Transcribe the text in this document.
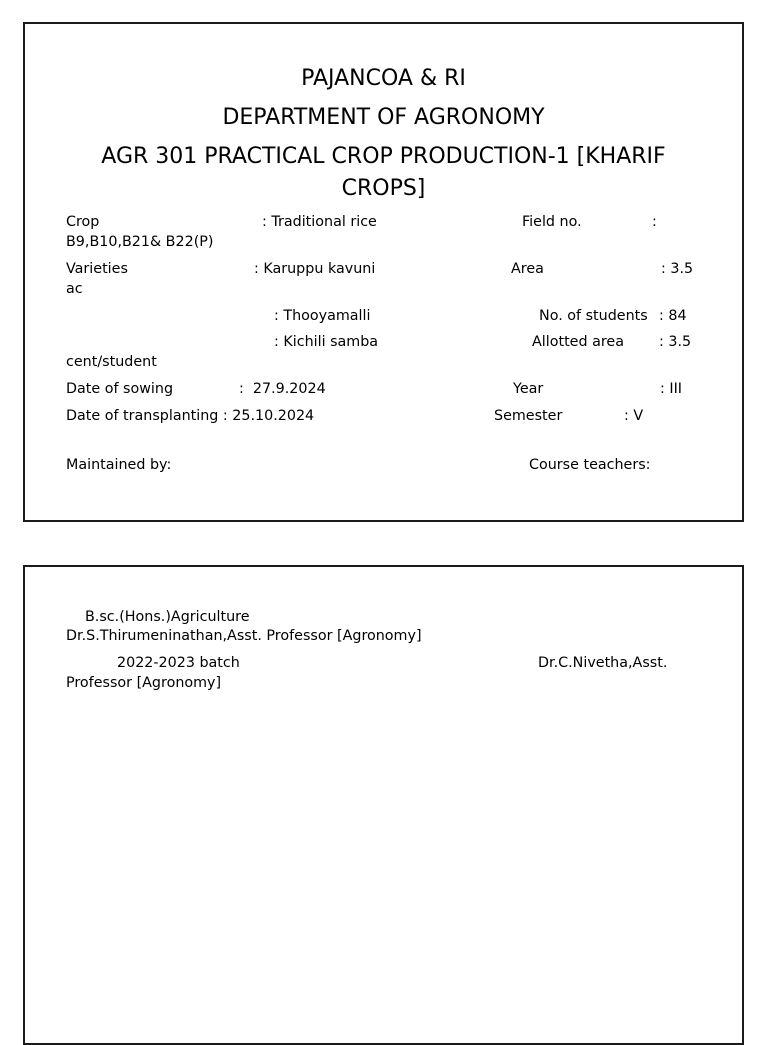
PAJANCOA & RI
DEPARTMENT OF AGRONOMY
AGR 301 PRACTICAL CROP PRODUCTION-1 [KHARIF
CROPS]
Crop	: Traditional rice	Field no.	:
B9,B10,B21& B22(P)
Varieties	: Karuppu kavuni	Area	: 3.5
ac
: Thooyamalli	No. of students : 84
: Kichili samba	Allotted area : 3.5
cent/student
Date of sowing	:  27.9.2024	Year	: III
Date of transplanting : 25.10.2024	Semester	: V
Maintained by:	Course teachers:
B.sc.(Hons.)Agriculture
Dr.S.Thirumeninathan,Asst. Professor [Agronomy]
2022-2023 batch	Dr.C.Nivetha,Asst.
Professor [Agronomy]
